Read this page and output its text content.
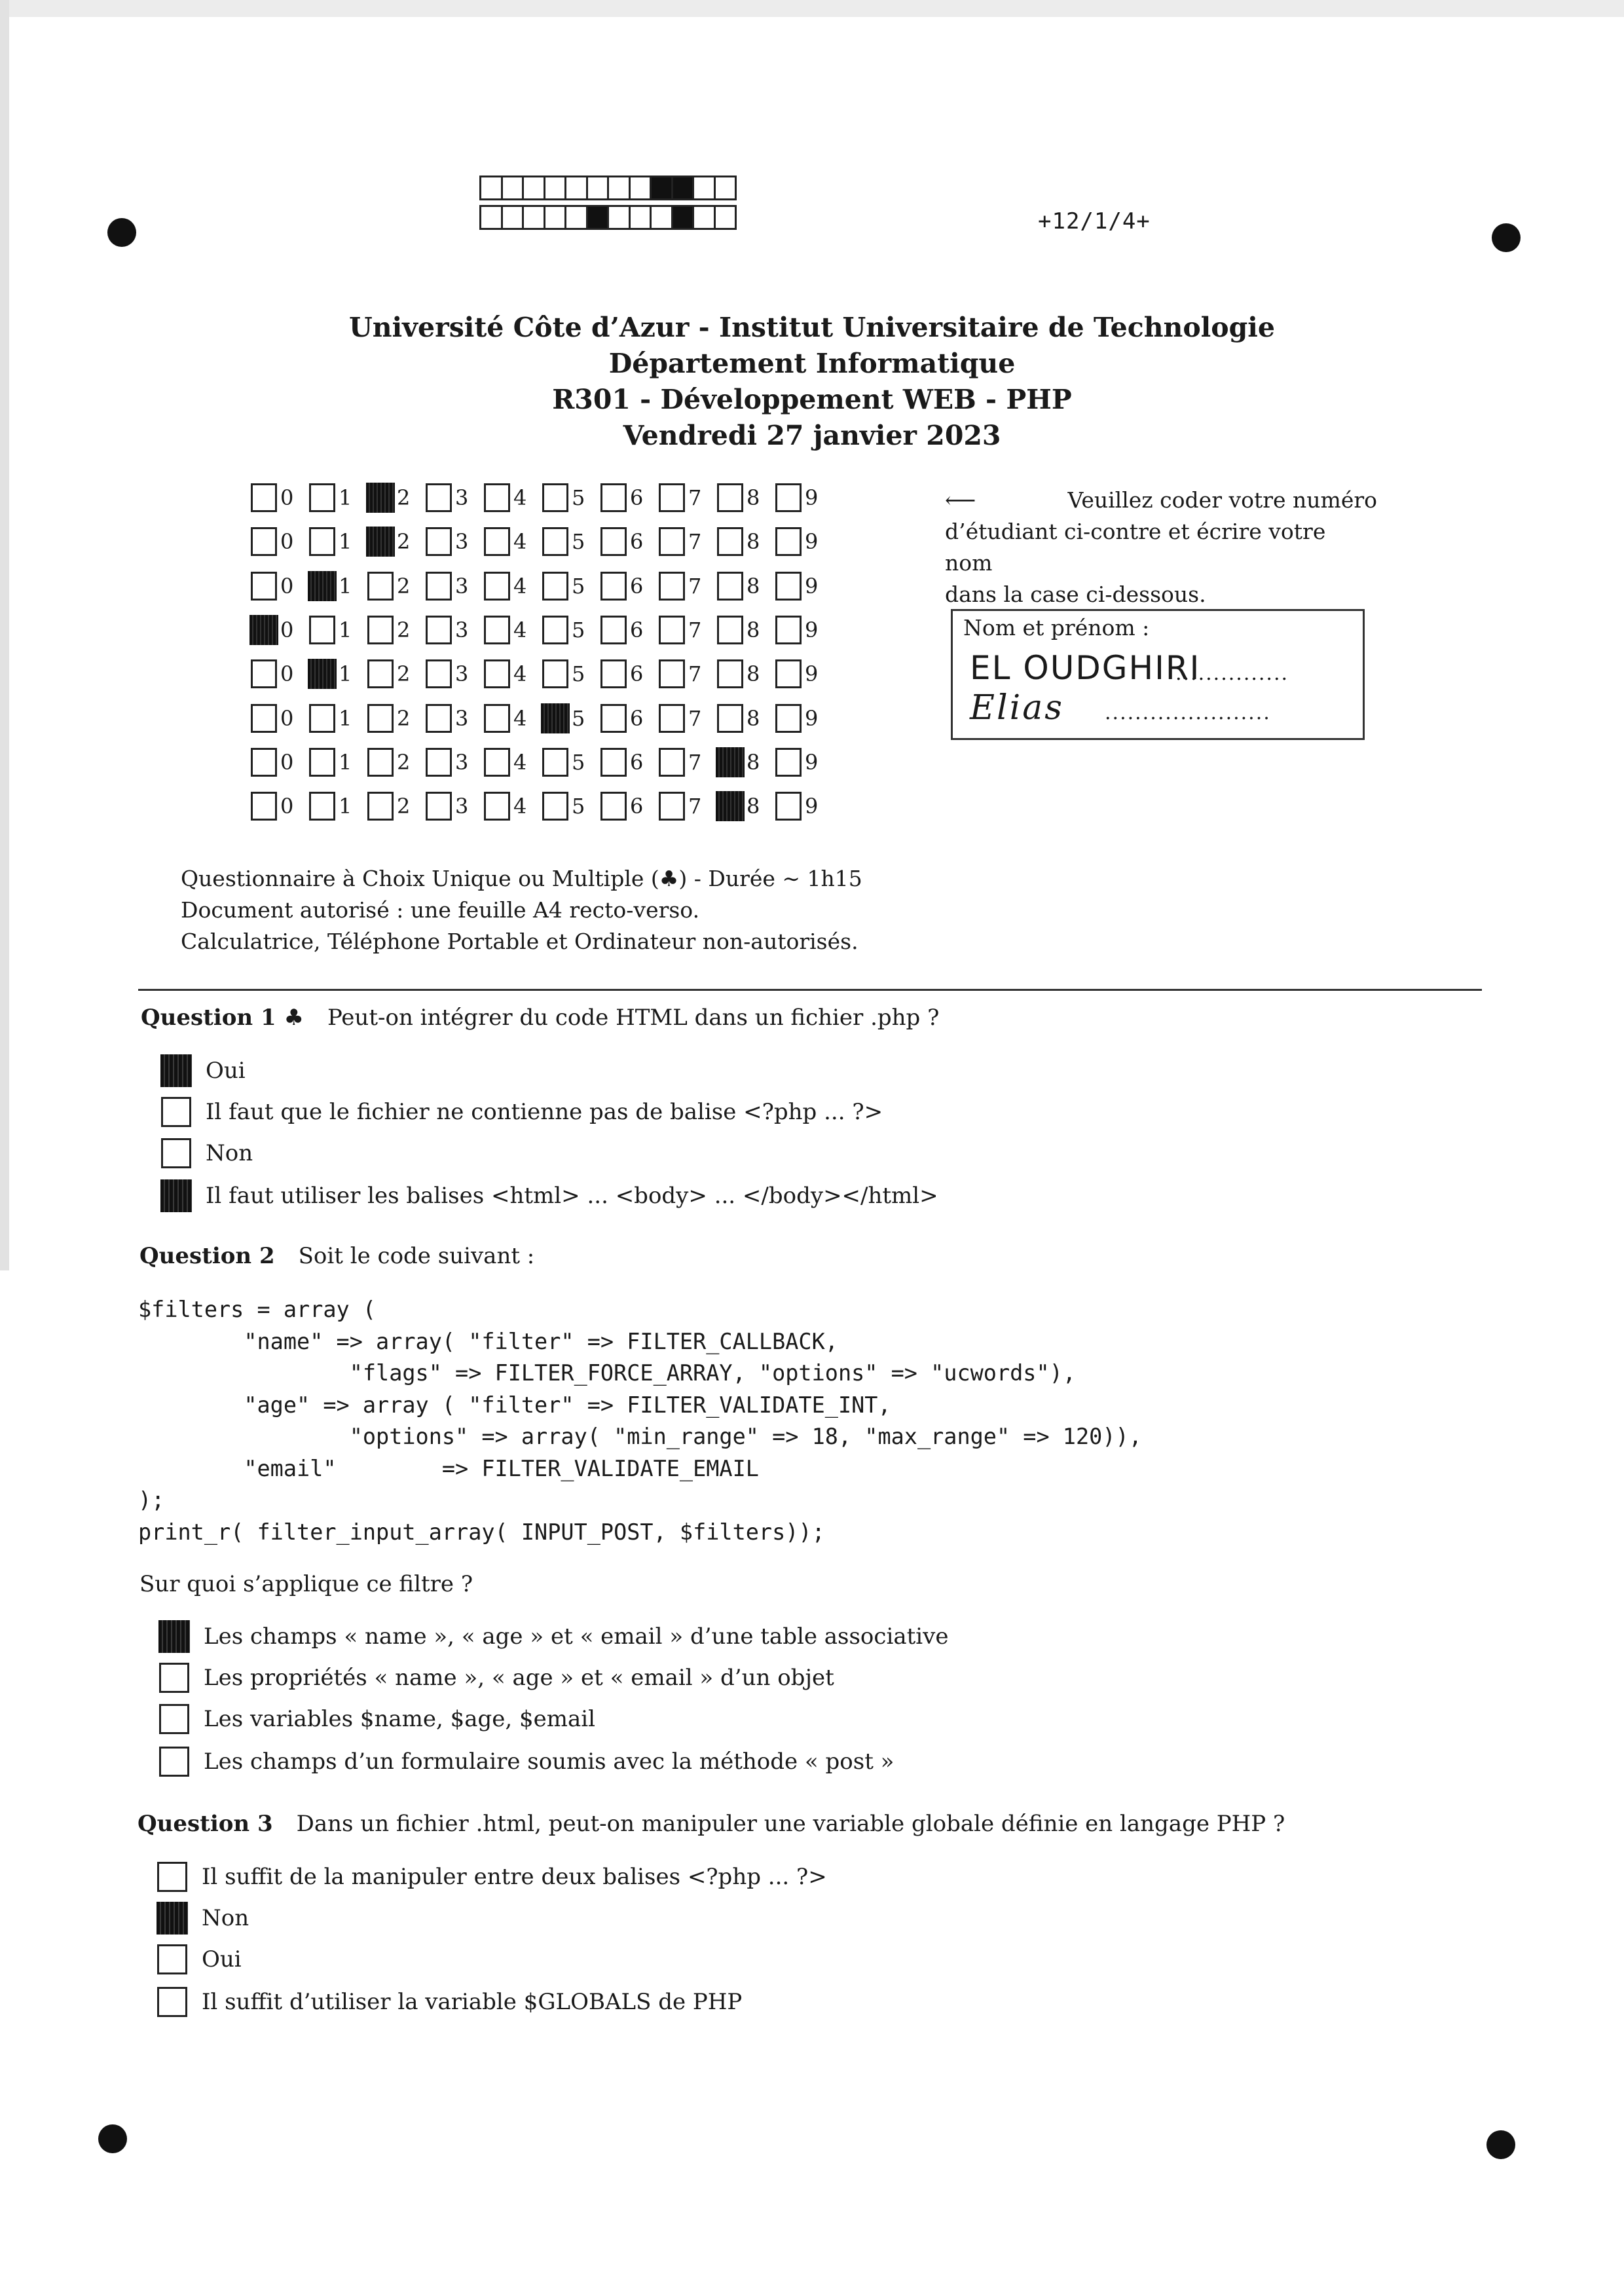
+12/1/4+
Université Côte d’Azur - Institut Universitaire de Technologie
Département Informatique
R301 - Développement WEB - PHP
Vendredi 27 janvier 2023
0 1 2 3 4 5 6 7 8 9
0 1 2 3 4 5 6 7 8 9
0 1 2 3 4 5 6 7 8 9
0 1 2 3 4 5 6 7 8 9
0 1 2 3 4 5 6 7 8 9
0 1 2 3 4 5 6 7 8 9
0 1 2 3 4 5 6 7 8 9
0 1 2 3 4 5 6 7 8 9
⟵	Veuillez coder votre numéro
d’étudiant ci-contre et écrire votre nom
dans la case ci-dessous.
Nom et prénom :
EL OUDGHIRI
...............
Elias ......................
Questionnaire à Choix Unique ou Multiple (♣) - Durée ∼ 1h15
Document autorisé : une feuille A4 recto-verso.
Calculatrice, Téléphone Portable et Ordinateur non-autorisés.
Question 1 ♣ Peut-on intégrer du code HTML dans un fichier .php ?
Oui
Il faut que le fichier ne contienne pas de balise <?php ... ?>
Non
Il faut utiliser les balises <html> ... <body> ... </body></html>
Question 2 Soit le code suivant :
$filters = array (
"name" => array( "filter" => FILTER_CALLBACK,
"flags" => FILTER_FORCE_ARRAY, "options" => "ucwords"),
"age" => array ( "filter" => FILTER_VALIDATE_INT,
"options" => array( "min_range" => 18, "max_range" => 120)),
"email"        => FILTER_VALIDATE_EMAIL
);
print_r( filter_input_array( INPUT_POST, $filters));
Sur quoi s’applique ce filtre ?
Les champs « name », « age » et « email » d’une table associative
Les propriétés « name », « age » et « email » d’un objet
Les variables $name, $age, $email
Les champs d’un formulaire soumis avec la méthode « post »
Question 3 Dans un fichier .html, peut-on manipuler une variable globale définie en langage PHP ?
Il suffit de la manipuler entre deux balises <?php ... ?>
Non
Oui
Il suffit d’utiliser la variable $GLOBALS de PHP
